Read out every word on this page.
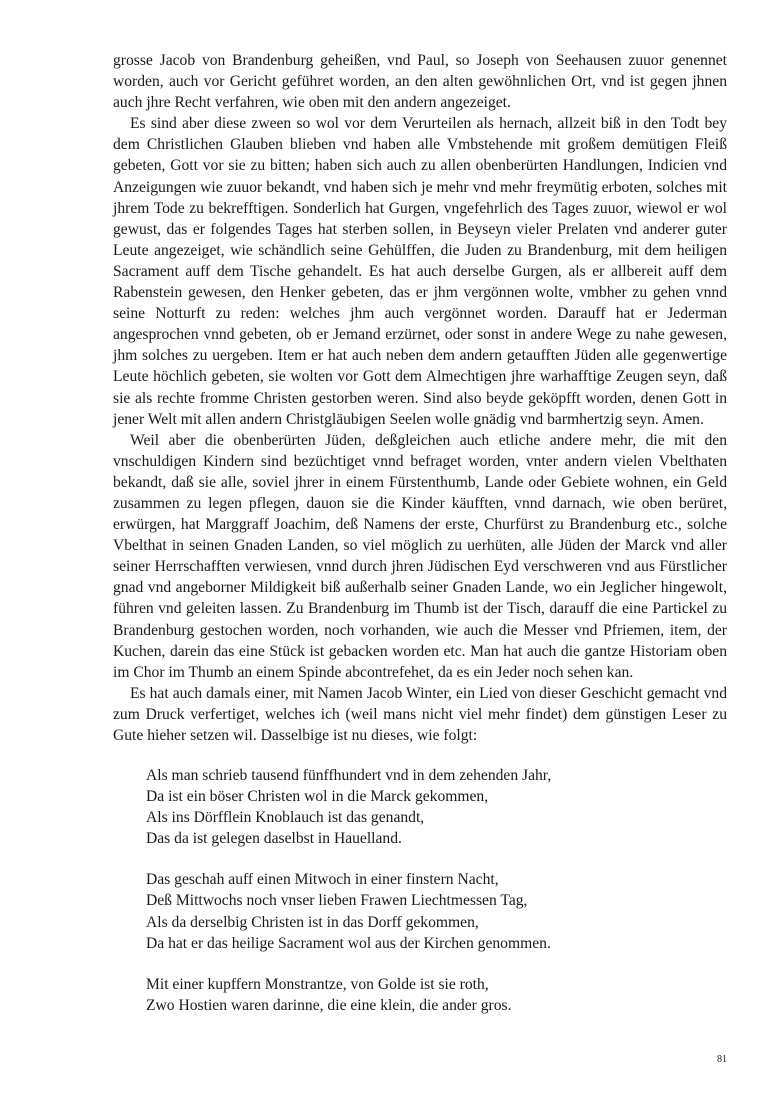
grosse Jacob von Brandenburg geheißen, vnd Paul, so Joseph von Seehausen zuuor genennet worden, auch vor Gericht geführet worden, an den alten gewöhnlichen Ort, vnd ist gegen jhnen auch jhre Recht verfahren, wie oben mit den andern angezeiget.

Es sind aber diese zween so wol vor dem Verurteilen als hernach, allzeit biß in den Todt bey dem Christlichen Glauben blieben vnd haben alle Vmbstehende mit großem demütigen Fleiß gebeten, Gott vor sie zu bitten; haben sich auch zu allen obenberürten Handlungen, Indicien vnd Anzeigungen wie zuuor bekandt, vnd haben sich je mehr vnd mehr freymütig erboten, solches mit jhrem Tode zu bekrefftigen. Sonderlich hat Gurgen, vngefehrlich des Tages zuuor, wiewol er wol gewust, das er folgendes Tages hat sterben sollen, in Beyseyn vieler Prelaten vnd anderer guter Leute angezeiget, wie schändlich seine Gehülffen, die Juden zu Brandenburg, mit dem heiligen Sacrament auff dem Tische gehandelt. Es hat auch derselbe Gurgen, als er allbereit auff dem Rabenstein gewesen, den Henker gebeten, das er jhm vergönnen wolte, vmbher zu gehen vnnd seine Notturft zu reden: welches jhm auch vergönnet worden. Darauff hat er Jederman angesprochen vnnd gebeten, ob er Jemand erzürnet, oder sonst in andere Wege zu nahe gewesen, jhm solches zu uergeben. Item er hat auch neben dem andern getaufften Jüden alle gegenwertige Leute höchlich gebeten, sie wolten vor Gott dem Almechtigen jhre warhafftige Zeugen seyn, daß sie als rechte fromme Christen gestorben weren. Sind also beyde geköpfft worden, denen Gott in jener Welt mit allen andern Christgläubigen Seelen wolle gnädig vnd barmhertzig seyn. Amen.

Weil aber die obenberürten Jüden, deßgleichen auch etliche andere mehr, die mit den vnschuldigen Kindern sind bezüchtiget vnnd befraget worden, vnter andern vielen Vbelthaten bekandt, daß sie alle, soviel jhrer in einem Fürstenthumb, Lande oder Gebiete wohnen, ein Geld zusammen zu legen pflegen, dauon sie die Kinder käufften, vnnd darnach, wie oben berüret, erwürgen, hat Marggraff Joachim, deß Namens der erste, Churfürst zu Brandenburg etc., solche Vbelthat in seinen Gnaden Landen, so viel möglich zu uerhüten, alle Jüden der Marck vnd aller seiner Herrschafften verwiesen, vnnd durch jhren Jüdischen Eyd verschweren vnd aus Fürstlicher gnad vnd angeborner Mildigkeit biß außerhalb seiner Gnaden Lande, wo ein Jeglicher hingewolt, führen vnd geleiten lassen. Zu Brandenburg im Thumb ist der Tisch, darauff die eine Partickel zu Brandenburg gestochen worden, noch vorhanden, wie auch die Messer vnd Pfriemen, item, der Kuchen, darein das eine Stück ist gebacken worden etc. Man hat auch die gantze Historiam oben im Chor im Thumb an einem Spinde abcontrefehet, da es ein Jeder noch sehen kan.

Es hat auch damals einer, mit Namen Jacob Winter, ein Lied von dieser Geschicht gemacht vnd zum Druck verfertiget, welches ich (weil mans nicht viel mehr findet) dem günstigen Leser zu Gute hieher setzen wil. Dasselbige ist nu dieses, wie folgt:

Als man schrieb tausend fünffhundert vnd in dem zehenden Jahr,
Da ist ein böser Christen wol in die Marck gekommen,
Als ins Dörfflein Knoblauch ist das genandt,
Das da ist gelegen daselbst in Hauelland.
Das geschah auff einen Mitwoch in einer finstern Nacht,
Deß Mittwochs noch vnser lieben Frawen Liechtmessen Tag,
Als da derselbig Christen ist in das Dorff gekommen,
Da hat er das heilige Sacrament wol aus der Kirchen genommen.
Mit einer kupffern Monstrantze, von Golde ist sie roth,
Zwo Hostien waren darinne, die eine klein, die ander gros.
81
